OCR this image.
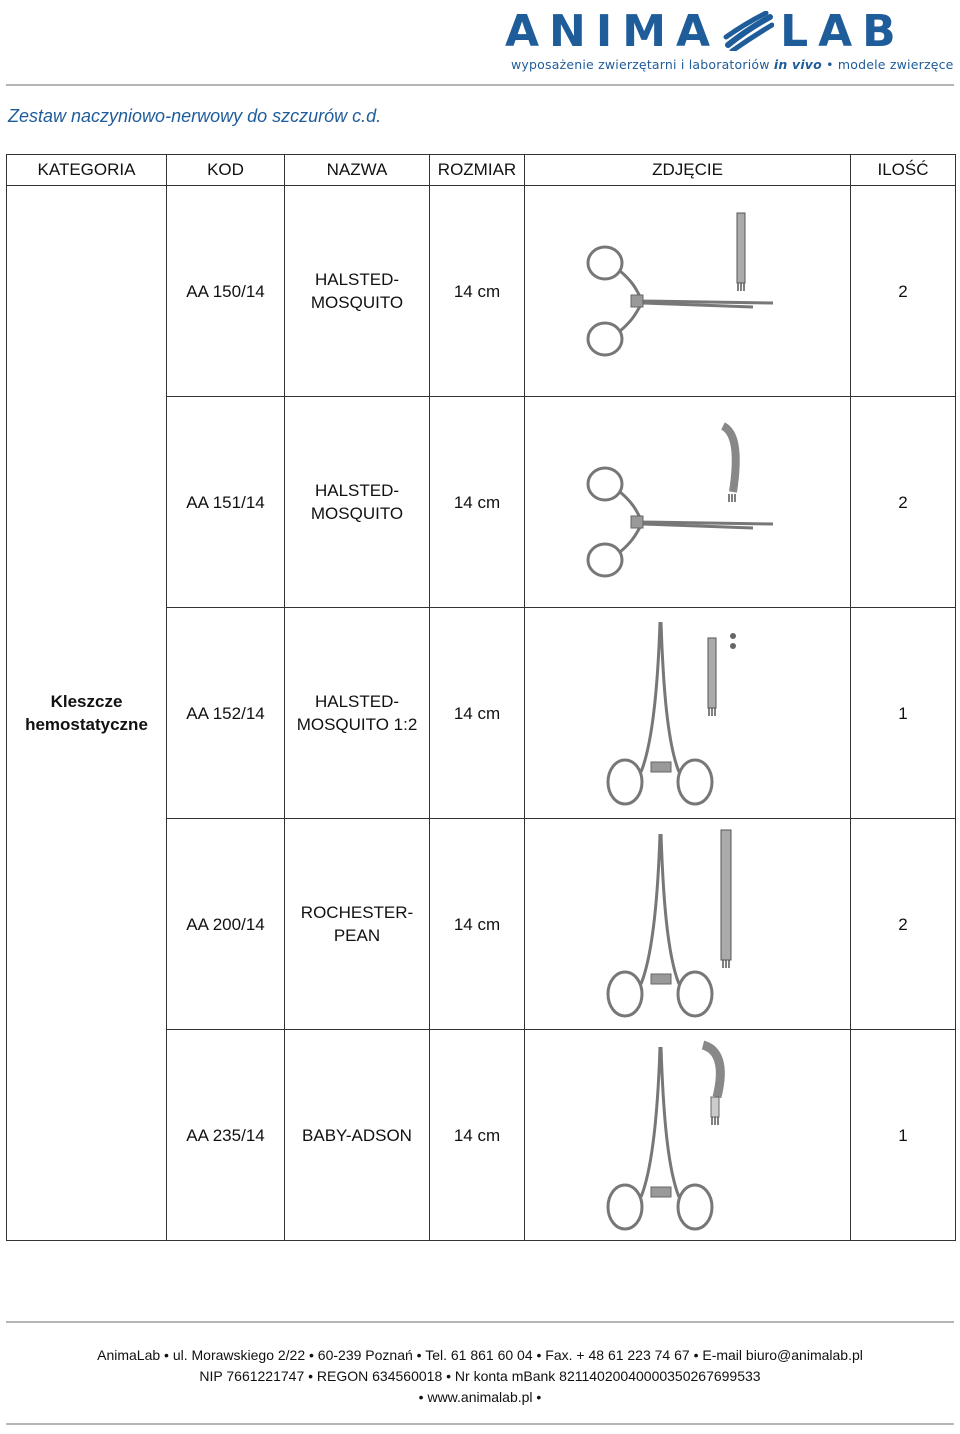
ANIMA LAB
wyposażenie zwierzętarni i laboratoriów in vivo • modele zwierzęce
Zestaw naczyniowo-nerwowy do szczurów c.d.
KATEGORIA	KOD	NAZWA	ROZMIAR	ZDJĘCIE	ILOŚĆ
Kleszcze hemostatyczne	AA 150/14	HALSTED- MOSQUITO	14 cm		2
	AA 151/14	HALSTED- MOSQUITO	14 cm		2
	AA 152/14	HALSTED- MOSQUITO 1:2	14 cm		1
	AA 200/14	ROCHESTER- PEAN	14 cm		2
	AA 235/14	BABY-ADSON	14 cm		1
AnimaLab • ul. Morawskiego 2/22 • 60-239 Poznań • Tel. 61 861 60 04 • Fax. + 48 61 223 74 67 • E-mail biuro@animalab.pl
NIP 7661221747 • REGON 634560018 • Nr konta mBank 82114020040000350267699533
• www.animalab.pl •
